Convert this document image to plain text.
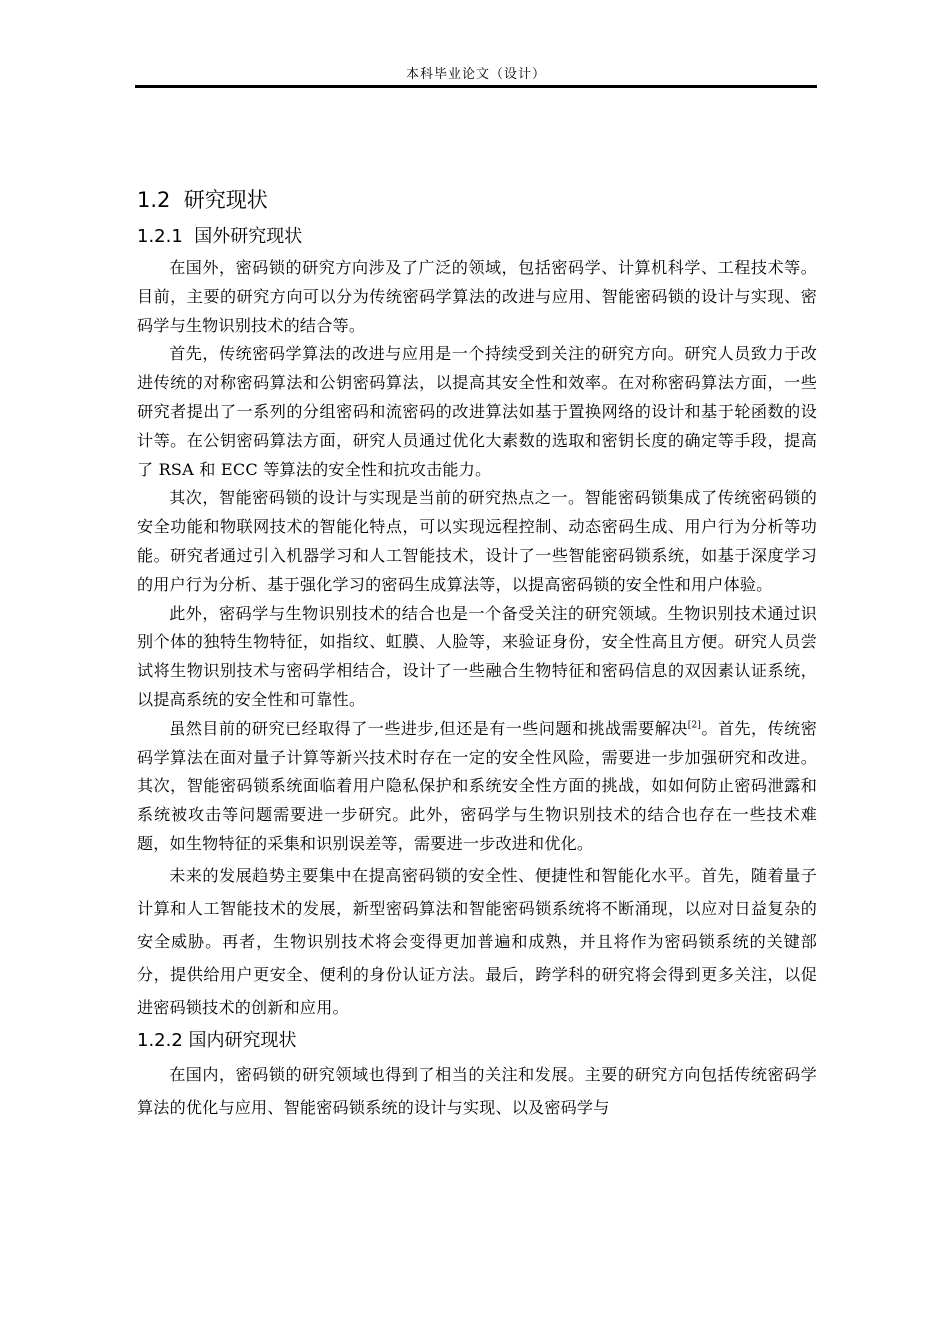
本科毕业论文（设计）
1.2 研究现状
1.2.1 国外研究现状

在国外，密码锁的研究方向涉及了广泛的领域，包括密码学、计算机科学、工程技术等。目前，主要的研究方向可以分为传统密码学算法的改进与应用、智能密码锁的设计与实现、密码学与生物识别技术的结合等。

首先，传统密码学算法的改进与应用是一个持续受到关注的研究方向。研究人员致力于改进传统的对称密码算法和公钥密码算法，以提高其安全性和效率。在对称密码算法方面，一些研究者提出了一系列的分组密码和流密码的改进算法如基于置换网络的设计和基于轮函数的设计等。在公钥密码算法方面，研究人员通过优化大素数的选取和密钥长度的确定等手段，提高了 RSA 和 ECC 等算法的安全性和抗攻击能力。

其次，智能密码锁的设计与实现是当前的研究热点之一。智能密码锁集成了传统密码锁的安全功能和物联网技术的智能化特点，可以实现远程控制、动态密码生成、用户行为分析等功能。研究者通过引入机器学习和人工智能技术，设计了一些智能密码锁系统，如基于深度学习的用户行为分析、基于强化学习的密码生成算法等，以提高密码锁的安全性和用户体验。

此外，密码学与生物识别技术的结合也是一个备受关注的研究领域。生物识别技术通过识别个体的独特生物特征，如指纹、虹膜、人脸等，来验证身份，安全性高且方便。研究人员尝试将生物识别技术与密码学相结合，设计了一些融合生物特征和密码信息的双因素认证系统，以提高系统的安全性和可靠性。

虽然目前的研究已经取得了一些进步,但还是有一些问题和挑战需要解决[2]。首先，传统密码学算法在面对量子计算等新兴技术时存在一定的安全性风险，需要进一步加强研究和改进。其次，智能密码锁系统面临着用户隐私保护和系统安全性方面的挑战，如如何防止密码泄露和系统被攻击等问题需要进一步研究。此外，密码学与生物识别技术的结合也存在一些技术难题，如生物特征的采集和识别误差等，需要进一步改进和优化。

未来的发展趋势主要集中在提高密码锁的安全性、便捷性和智能化水平。首先，随着量子计算和人工智能技术的发展，新型密码算法和智能密码锁系统将不断涌现，以应对日益复杂的安全威胁。再者，生物识别技术将会变得更加普遍和成熟，并且将作为密码锁系统的关键部分，提供给用户更安全、便利的身份认证方法。最后，跨学科的研究将会得到更多关注，以促进密码锁技术的创新和应用。

1.2.2 国内研究现状

在国内，密码锁的研究领域也得到了相当的关注和发展。主要的研究方向包括传统密码学算法的优化与应用、智能密码锁系统的设计与实现、以及密码学与
